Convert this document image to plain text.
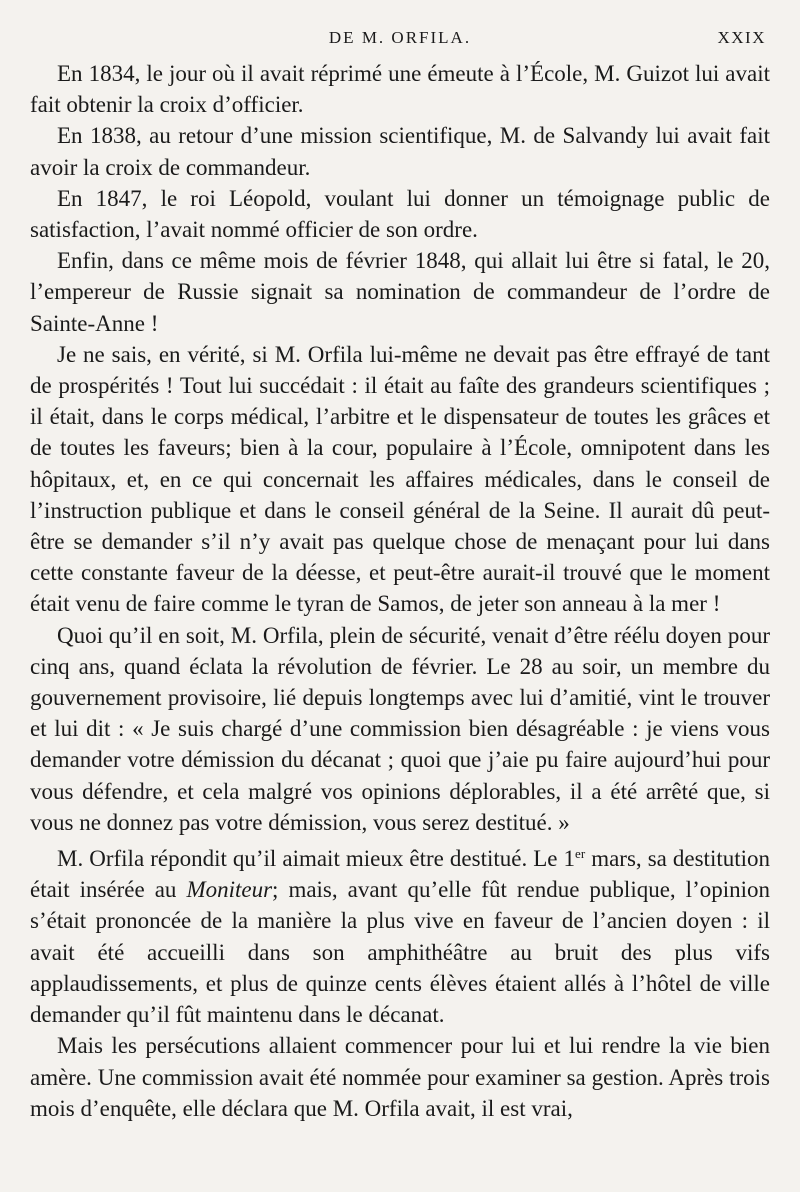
DE M. ORFILA.	XXIX

En 1834, le jour où il avait réprimé une émeute à l’École, M. Guizot lui avait fait obtenir la croix d’officier.

En 1838, au retour d’une mission scientifique, M. de Salvandy lui avait fait avoir la croix de commandeur.

En 1847, le roi Léopold, voulant lui donner un témoignage public de satisfaction, l’avait nommé officier de son ordre.

Enfin, dans ce même mois de février 1848, qui allait lui être si fatal, le 20, l’empereur de Russie signait sa nomination de commandeur de l’ordre de Sainte-Anne !

Je ne sais, en vérité, si M. Orfila lui-même ne devait pas être effrayé de tant de prospérités ! Tout lui succédait : il était au faîte des grandeurs scientifiques ; il était, dans le corps médical, l’arbitre et le dispensateur de toutes les grâces et de toutes les faveurs; bien à la cour, populaire à l’École, omnipotent dans les hôpitaux, et, en ce qui concernait les affaires médicales, dans le conseil de l’instruction publique et dans le conseil général de la Seine. Il aurait dû peut-être se demander s’il n’y avait pas quelque chose de menaçant pour lui dans cette constante faveur de la déesse, et peut-être aurait-il trouvé que le moment était venu de faire comme le tyran de Samos, de jeter son anneau à la mer !

Quoi qu’il en soit, M. Orfila, plein de sécurité, venait d’être réélu doyen pour cinq ans, quand éclata la révolution de février. Le 28 au soir, un membre du gouvernement provisoire, lié depuis longtemps avec lui d’amitié, vint le trouver et lui dit : « Je suis chargé d’une commission bien désagréable : je viens vous demander votre démission du décanat ; quoi que j’aie pu faire aujourd’hui pour vous défendre, et cela malgré vos opinions déplorables, il a été arrêté que, si vous ne donnez pas votre démission, vous serez destitué. »

M. Orfila répondit qu’il aimait mieux être destitué. Le 1er mars, sa destitution était insérée au Moniteur; mais, avant qu’elle fût rendue publique, l’opinion s’était prononcée de la manière la plus vive en faveur de l’ancien doyen : il avait été accueilli dans son amphithéâtre au bruit des plus vifs applaudissements, et plus de quinze cents élèves étaient allés à l’hôtel de ville demander qu’il fût maintenu dans le décanat.

Mais les persécutions allaient commencer pour lui et lui rendre la vie bien amère. Une commission avait été nommée pour examiner sa gestion. Après trois mois d’enquête, elle déclara que M. Orfila avait, il est vrai,
